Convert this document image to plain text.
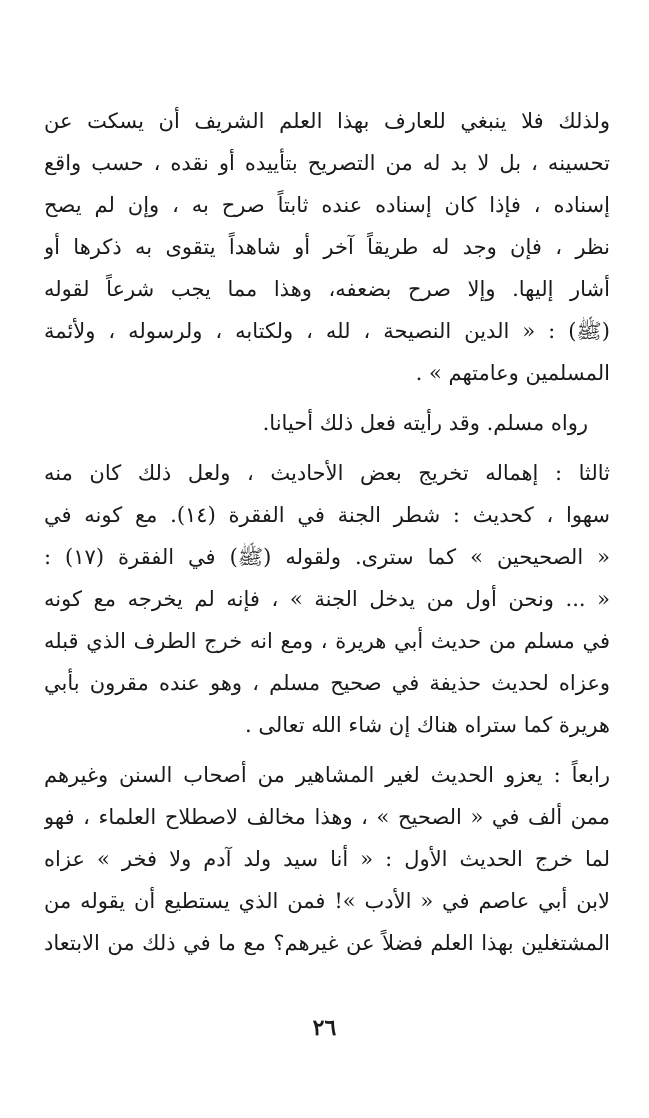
ولذلك فلا ينبغي للعارف بهذا العلم الشريف أن يسكت عن
تحسينه ، بل لا بد له من التصريح بتأييده أو نقده ، حسب واقع
إسناده ، فإذا كان إسناده عنده ثابتاً صرح به ، وإن لم يصح
نظر ، فإن وجد له طريقاً آخر أو شاهداً يتقوى به ذكرها أو
أشار إليها. وإلا صرح بضعفه، وهذا مما يجب شرعاً لقوله
(ﷺ) : « الدين النصيحة ، لله ، ولكتابه ، ولرسوله ، ولأئمة
المسلمين وعامتهم » .
رواه مسلم. وقد رأيته فعل ذلك أحيانا.
ثالثا : إهماله تخريج بعض الأحاديث ، ولعل ذلك كان منه
سهوا ، كحديث : شطر الجنة في الفقرة (١٤). مع كونه في
« الصحيحين » كما سترى. ولقوله (ﷺ) في الفقرة (١٧) :
« ... ونحن أول من يدخل الجنة » ، فإنه لم يخرجه مع كونه
في مسلم من حديث أبي هريرة ، ومع انه خرج الطرف الذي قبله
وعزاه لحديث حذيفة في صحيح مسلم ، وهو عنده مقرون بأبي
هريرة كما ستراه هناك إن شاء الله تعالى .
رابعاً : يعزو الحديث لغير المشاهير من أصحاب السنن وغيرهم
ممن ألف في « الصحيح » ، وهذا مخالف لاصطلاح العلماء ، فهو
لما خرج الحديث الأول : « أنا سيد ولد آدم ولا فخر » عزاه
لابن أبي عاصم في « الأدب »! فمن الذي يستطيع أن يقوله من
المشتغلين بهذا العلم فضلاً عن غيرهم؟ مع ما في ذلك من الابتعاد
٢٦
